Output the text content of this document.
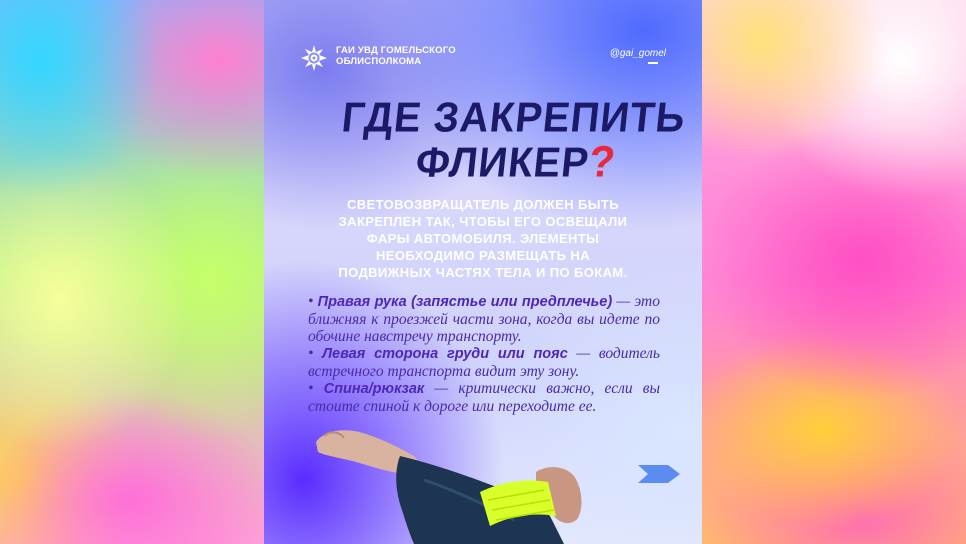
ГАИ УВД ГОМЕЛЬСКОГО
ОБЛИСПОЛКОМА
@gai_gomel
ГДЕ ЗАКРЕПИТЬ
ФЛИКЕР?
СВЕТОВОЗВРАЩАТЕЛЬ ДОЛЖЕН БЫТЬ
ЗАКРЕПЛЕН ТАК, ЧТОБЫ ЕГО ОСВЕЩАЛИ
ФАРЫ АВТОМОБИЛЯ. ЭЛЕМЕНТЫ
НЕОБХОДИМО РАЗМЕЩАТЬ НА
ПОДВИЖНЫХ ЧАСТЯХ ТЕЛА И ПО БОКАМ.

• Правая рука (запястье или предплечье) — это ближняя к проезжей части зона, когда вы идете по обочине навстречу транспорту.

• Левая сторона груди или пояс — водитель встречного транспорта видит эту зону.

• Спина/рюкзак — критически важно, если вы стоите спиной к дороге или переходите ее.
